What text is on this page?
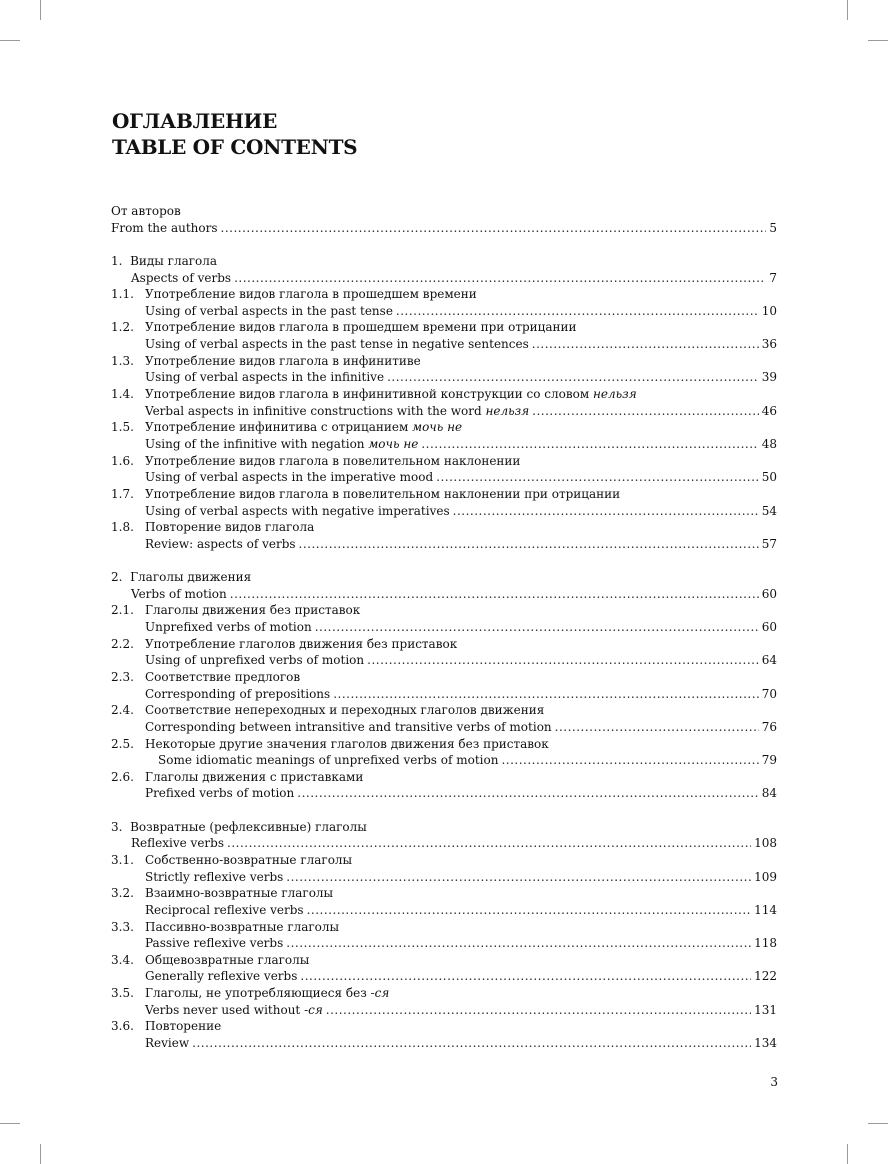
ОГЛАВЛЕНИЕ
TABLE OF CONTENTS
От авторов
From the authors .....	5
1. Виды глагола
Aspects of verbs .....	7
1.1. Употребление видов глагола в прошедшем времени
Using of verbal aspects in the past tense .....	10
1.2. Употребление видов глагола в прошедшем времени при отрицании
Using of verbal aspects in the past tense in negative sentences .....	36
1.3. Употребление видов глагола в инфинитиве
Using of verbal aspects in the infinitive .....	39
1.4. Употребление видов глагола в инфинитивной конструкции со словом нельзя
Verbal aspects in infinitive constructions with the word нельзя .....	46
1.5. Употребление инфинитива с отрицанием мочь не
Using of the infinitive with negation мочь не .....	48
1.6. Употребление видов глагола в повелительном наклонении
Using of verbal aspects in the imperative mood .....	50
1.7. Употребление видов глагола в повелительном наклонении при отрицании
Using of verbal aspects with negative imperatives .....	54
1.8. Повторение видов глагола
Review: aspects of verbs .....	57
2. Глаголы движения
Verbs of motion .....	60
2.1. Глаголы движения без приставок
Unprefixed verbs of motion .....	60
2.2. Употребление глаголов движения без приставок
Using of unprefixed verbs of motion .....	64
2.3. Соответствие предлогов
Corresponding of prepositions .....	70
2.4. Соответствие непереходных и переходных глаголов движения
Corresponding between intransitive and transitive verbs of motion .....	76
2.5. Некоторые другие значения глаголов движения без приставок
Some idiomatic meanings of unprefixed verbs of motion .....	79
2.6. Глаголы движения с приставками
Prefixed verbs of motion .....	84
3. Возвратные (рефлексивные) глаголы
Reflexive verbs .....	108
3.1. Собственно-возвратные глаголы
Strictly reflexive verbs .....	109
3.2. Взаимно-возвратные глаголы
Reciprocal reflexive verbs .....	114
3.3. Пассивно-возвратные глаголы
Passive reflexive verbs .....	118
3.4. Общевозвратные глаголы
Generally reflexive verbs .....	122
3.5. Глаголы, не употребляющиеся без -ся
Verbs never used without -ся .....	131
3.6. Повторение
Review .....	134
3
